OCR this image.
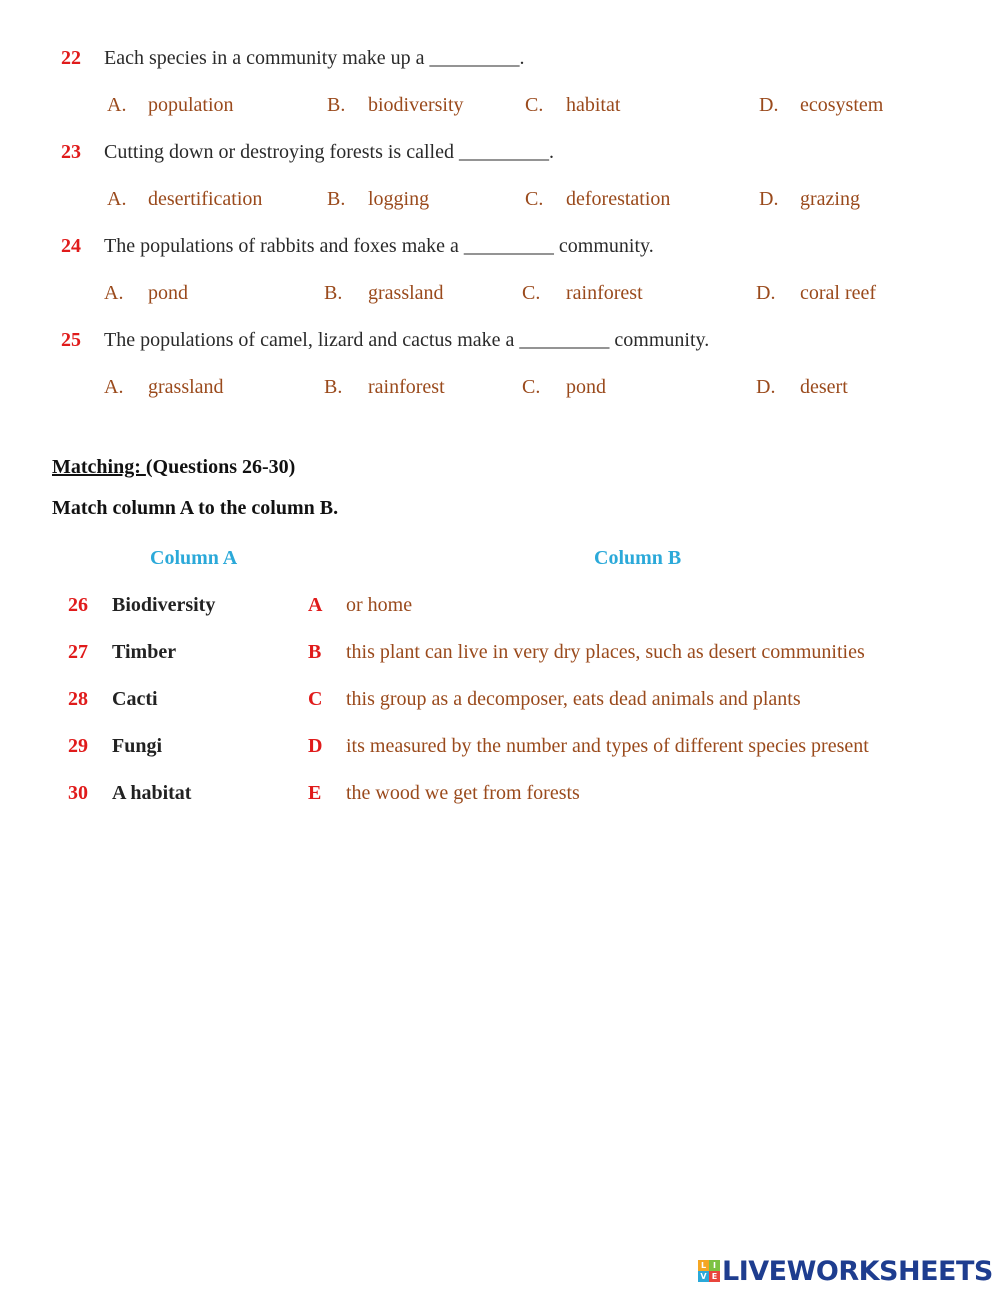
22 Each species in a community make up a _________.
A. population	B. biodiversity	C. habitat	D. ecosystem
23 Cutting down or destroying forests is called _________.
A. desertification	B. logging	C. deforestation	D. grazing
24 The populations of rabbits and foxes make a _________ community.
A. pond	B. grassland	C. rainforest	D. coral reef
25 The populations of camel, lizard and cactus make a _________ community.
A. grassland	B. rainforest	C. pond	D. desert
Matching: (Questions 26-30)
Match column A to the column B.
Column A	Column B
26 Biodiversity	A or home
27 Timber	B this plant can live in very dry places, such as desert communities
28 Cacti	C this group as a decomposer, eats dead animals and plants
29 Fungi	D its measured by the number and types of different species present
30 A habitat	E the wood we get from forests
L I
V E LIVEWORKSHEETS
